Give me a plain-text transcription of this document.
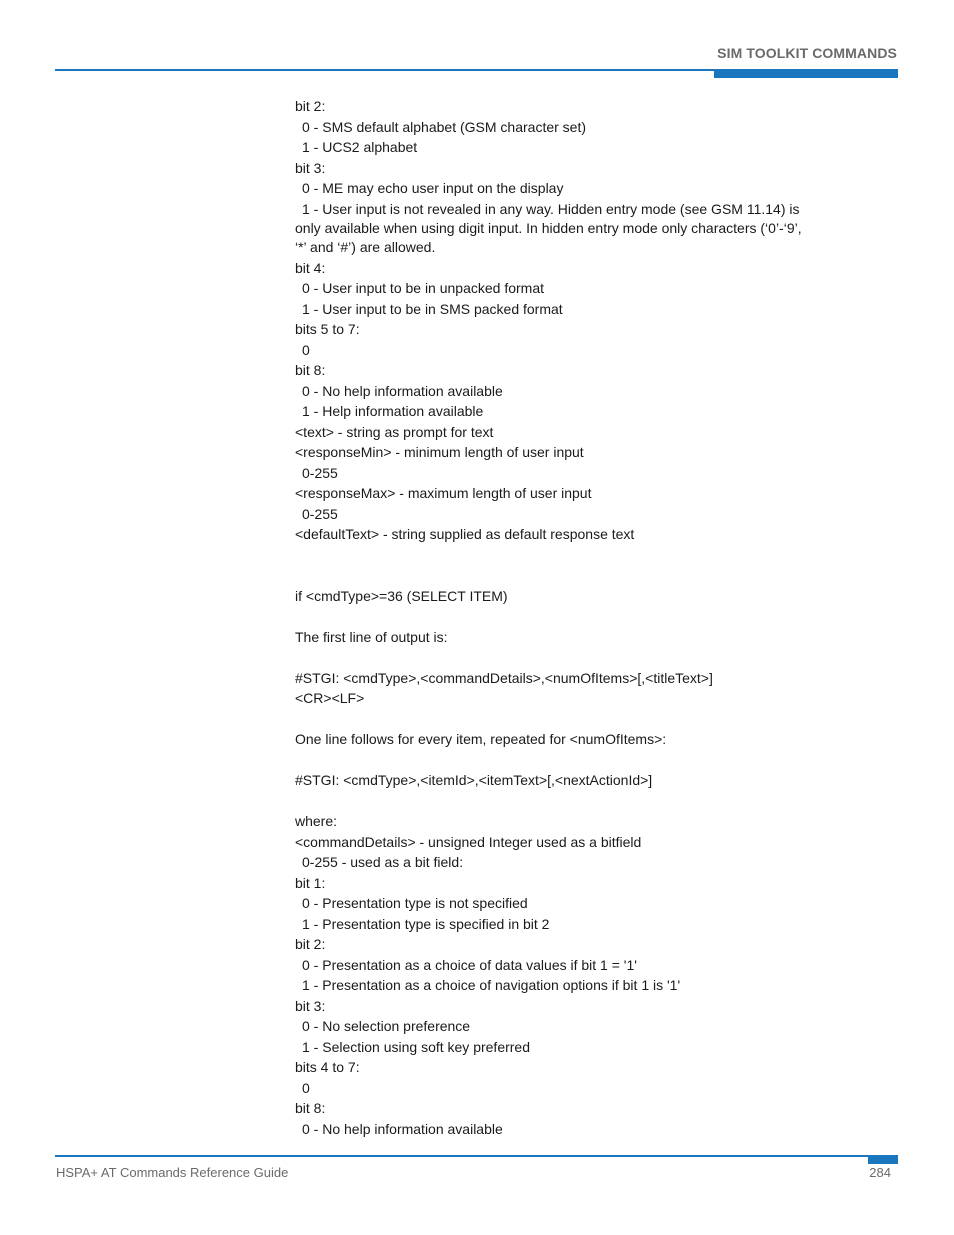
SIM TOOLKIT COMMANDS

bit 2:

0 - SMS default alphabet (GSM character set)

1 - UCS2 alphabet

bit 3:

0 - ME may echo user input on the display

1 - User input is not revealed in any way. Hidden entry mode (see GSM 11.14) is only available when using digit input. In hidden entry mode only characters (‘0’-‘9’, ‘*’ and ‘#’) are allowed.

bit 4:

0 - User input to be in unpacked format

1 - User input to be in SMS packed format

bits 5 to 7:

0

bit 8:

0 - No help information available

1 - Help information available

<text> - string as prompt for text

<responseMin> - minimum length of user input

0-255

<responseMax> - maximum length of user input

0-255

<defaultText> - string supplied as default response text

if <cmdType>=36 (SELECT ITEM)

The first line of output is:

#STGI: <cmdType>,<commandDetails>,<numOfItems>[,<titleText>]

<CR><LF>

One line follows for every item, repeated for <numOfItems>:

#STGI: <cmdType>,<itemId>,<itemText>[,<nextActionId>]

where:

<commandDetails> - unsigned Integer used as a bitfield

0-255 - used as a bit field:

bit 1:

0 - Presentation type is not specified

1 - Presentation type is specified in bit 2

bit 2:

0 - Presentation as a choice of data values if bit 1 = '1'

1 - Presentation as a choice of navigation options if bit 1 is '1'

bit 3:

0 - No selection preference

1 - Selection using soft key preferred

bits 4 to 7:

0

bit 8:

0 - No help information available

HSPA+ AT Commands Reference Guide	284
